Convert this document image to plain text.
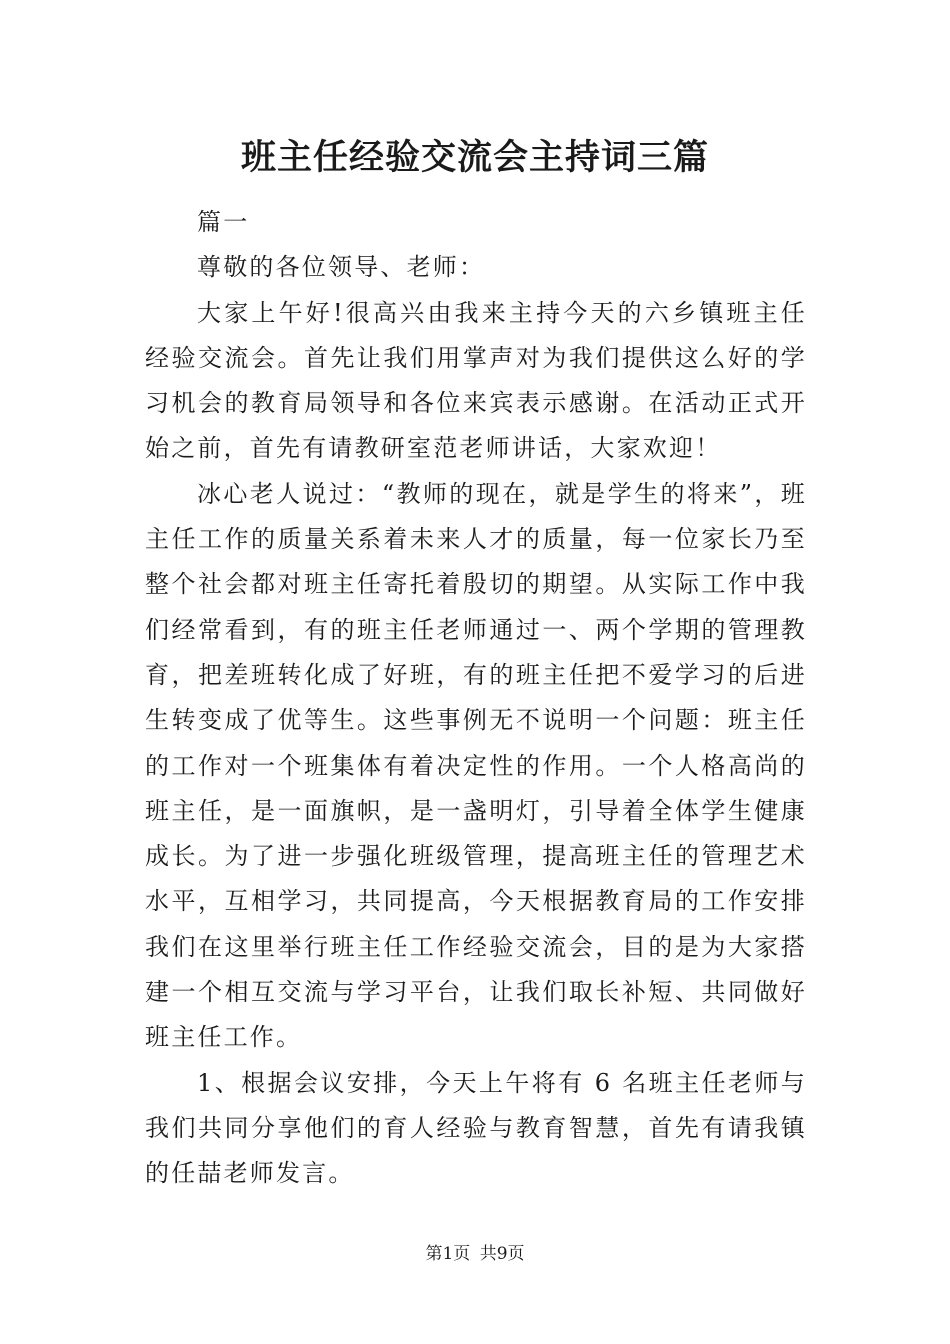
班主任经验交流会主持词三篇

篇一

尊敬的各位领导、老师：

大家上午好!很高兴由我来主持今天的六乡镇班主任经验交流会。首先让我们用掌声对为我们提供这么好的学习机会的教育局领导和各位来宾表示感谢。在活动正式开始之前，首先有请教研室范老师讲话，大家欢迎！

冰心老人说过：“教师的现在，就是学生的将来”，班主任工作的质量关系着未来人才的质量，每一位家长乃至整个社会都对班主任寄托着殷切的期望。从实际工作中我们经常看到，有的班主任老师通过一、两个学期的管理教育，把差班转化成了好班，有的班主任把不爱学习的后进生转变成了优等生。这些事例无不说明一个问题：班主任的工作对一个班集体有着决定性的作用。一个人格高尚的班主任，是一面旗帜，是一盏明灯，引导着全体学生健康成长。为了进一步强化班级管理，提高班主任的管理艺术水平，互相学习，共同提高，今天根据教育局的工作安排我们在这里举行班主任工作经验交流会，目的是为大家搭建一个相互交流与学习平台，让我们取长补短、共同做好班主任工作。

1、根据会议安排，今天上午将有 6 名班主任老师与我们共同分享他们的育人经验与教育智慧，首先有请我镇的任喆老师发言。

第1页 共9页
